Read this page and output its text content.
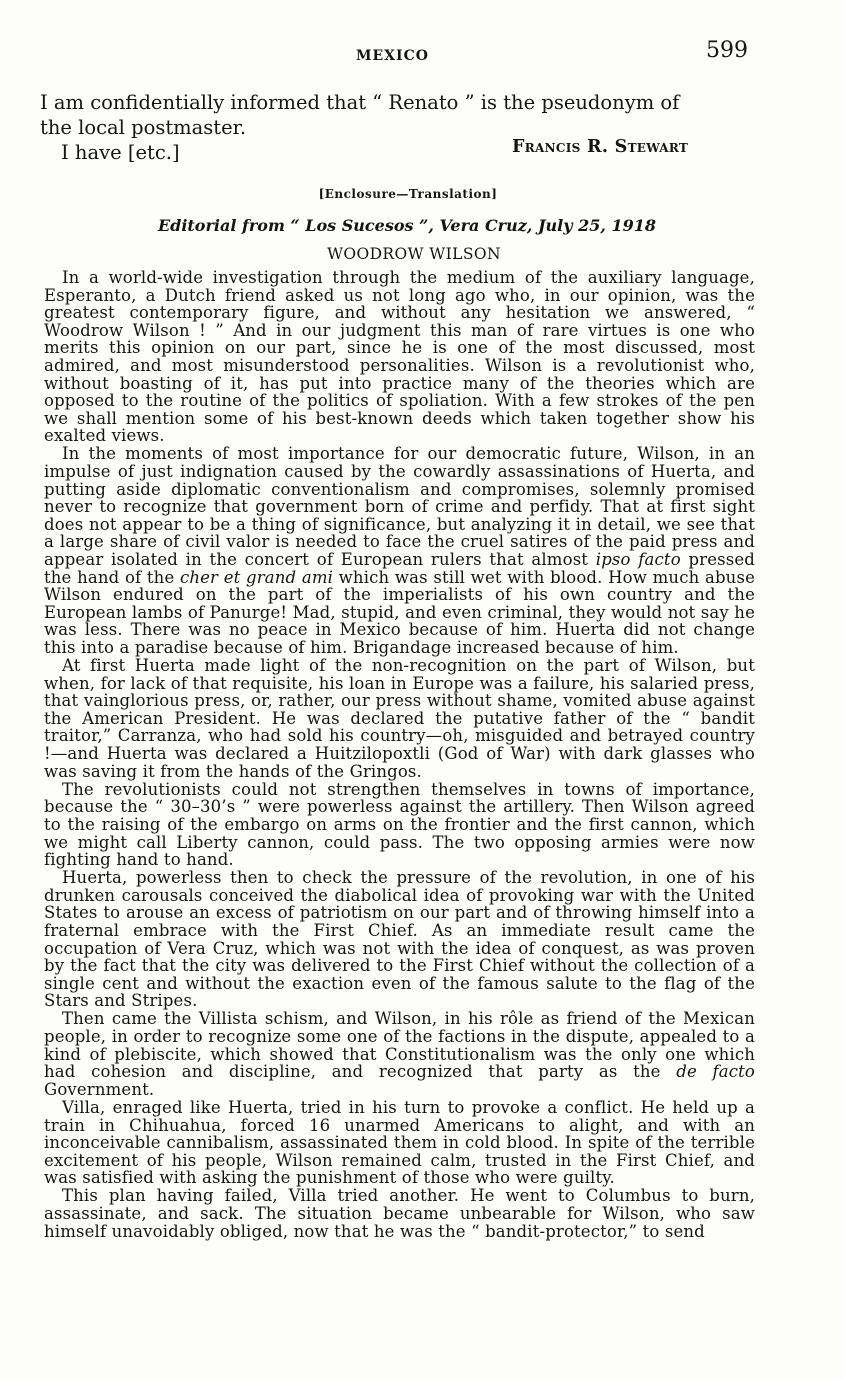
MEXICO	599
I am confidentially informed that “ Renato ” is the pseudonym of
the local postmaster.
I have [etc.]	Francis R. Stewart
[Enclosure—Translation]
Editorial from “ Los Sucesos ”, Vera Cruz, July 25, 1918
WOODROW WILSON

In a world-wide investigation through the medium of the auxiliary language, Esperanto, a Dutch friend asked us not long ago who, in our opinion, was the greatest contemporary figure, and without any hesitation we answered, “ Woodrow Wilson ! ” And in our judgment this man of rare virtues is one who merits this opinion on our part, since he is one of the most discussed, most admired, and most misunderstood personalities. Wilson is a revolutionist who, without boasting of it, has put into practice many of the theories which are opposed to the routine of the politics of spoliation. With a few strokes of the pen we shall mention some of his best-known deeds which taken together show his exalted views.

In the moments of most importance for our democratic future, Wilson, in an impulse of just indignation caused by the cowardly assassinations of Huerta, and putting aside diplomatic conventionalism and compromises, solemnly promised never to recognize that government born of crime and perfidy. That at first sight does not appear to be a thing of significance, but analyzing it in detail, we see that a large share of civil valor is needed to face the cruel satires of the paid press and appear isolated in the concert of European rulers that almost ipso facto pressed the hand of the cher et grand ami which was still wet with blood. How much abuse Wilson endured on the part of the imperialists of his own country and the European lambs of Panurge! Mad, stupid, and even criminal, they would not say he was less. There was no peace in Mexico because of him. Huerta did not change this into a paradise because of him. Brigandage increased because of him.

At first Huerta made light of the non-recognition on the part of Wilson, but when, for lack of that requisite, his loan in Europe was a failure, his salaried press, that vainglorious press, or, rather, our press without shame, vomited abuse against the American President. He was declared the putative father of the “ bandit traitor,” Carranza, who had sold his country—oh, misguided and betrayed country !—and Huerta was declared a Huitzilopoxtli (God of War) with dark glasses who was saving it from the hands of the Gringos.

The revolutionists could not strengthen themselves in towns of importance, because the “ 30–30’s ” were powerless against the artillery. Then Wilson agreed to the raising of the embargo on arms on the frontier and the first cannon, which we might call Liberty cannon, could pass. The two opposing armies were now fighting hand to hand.

Huerta, powerless then to check the pressure of the revolution, in one of his drunken carousals conceived the diabolical idea of provoking war with the United States to arouse an excess of patriotism on our part and of throwing himself into a fraternal embrace with the First Chief. As an immediate result came the occupation of Vera Cruz, which was not with the idea of conquest, as was proven by the fact that the city was delivered to the First Chief without the collection of a single cent and without the exaction even of the famous salute to the flag of the Stars and Stripes.

Then came the Villista schism, and Wilson, in his rôle as friend of the Mexican people, in order to recognize some one of the factions in the dispute, appealed to a kind of plebiscite, which showed that Constitutionalism was the only one which had cohesion and discipline, and recognized that party as the de facto Government.

Villa, enraged like Huerta, tried in his turn to provoke a conflict. He held up a train in Chihuahua, forced 16 unarmed Americans to alight, and with an inconceivable cannibalism, assassinated them in cold blood. In spite of the terrible excitement of his people, Wilson remained calm, trusted in the First Chief, and was satisfied with asking the punishment of those who were guilty.

This plan having failed, Villa tried another. He went to Columbus to burn, assassinate, and sack. The situation became unbearable for Wilson, who saw himself unavoidably obliged, now that he was the “ bandit-protector,” to send
